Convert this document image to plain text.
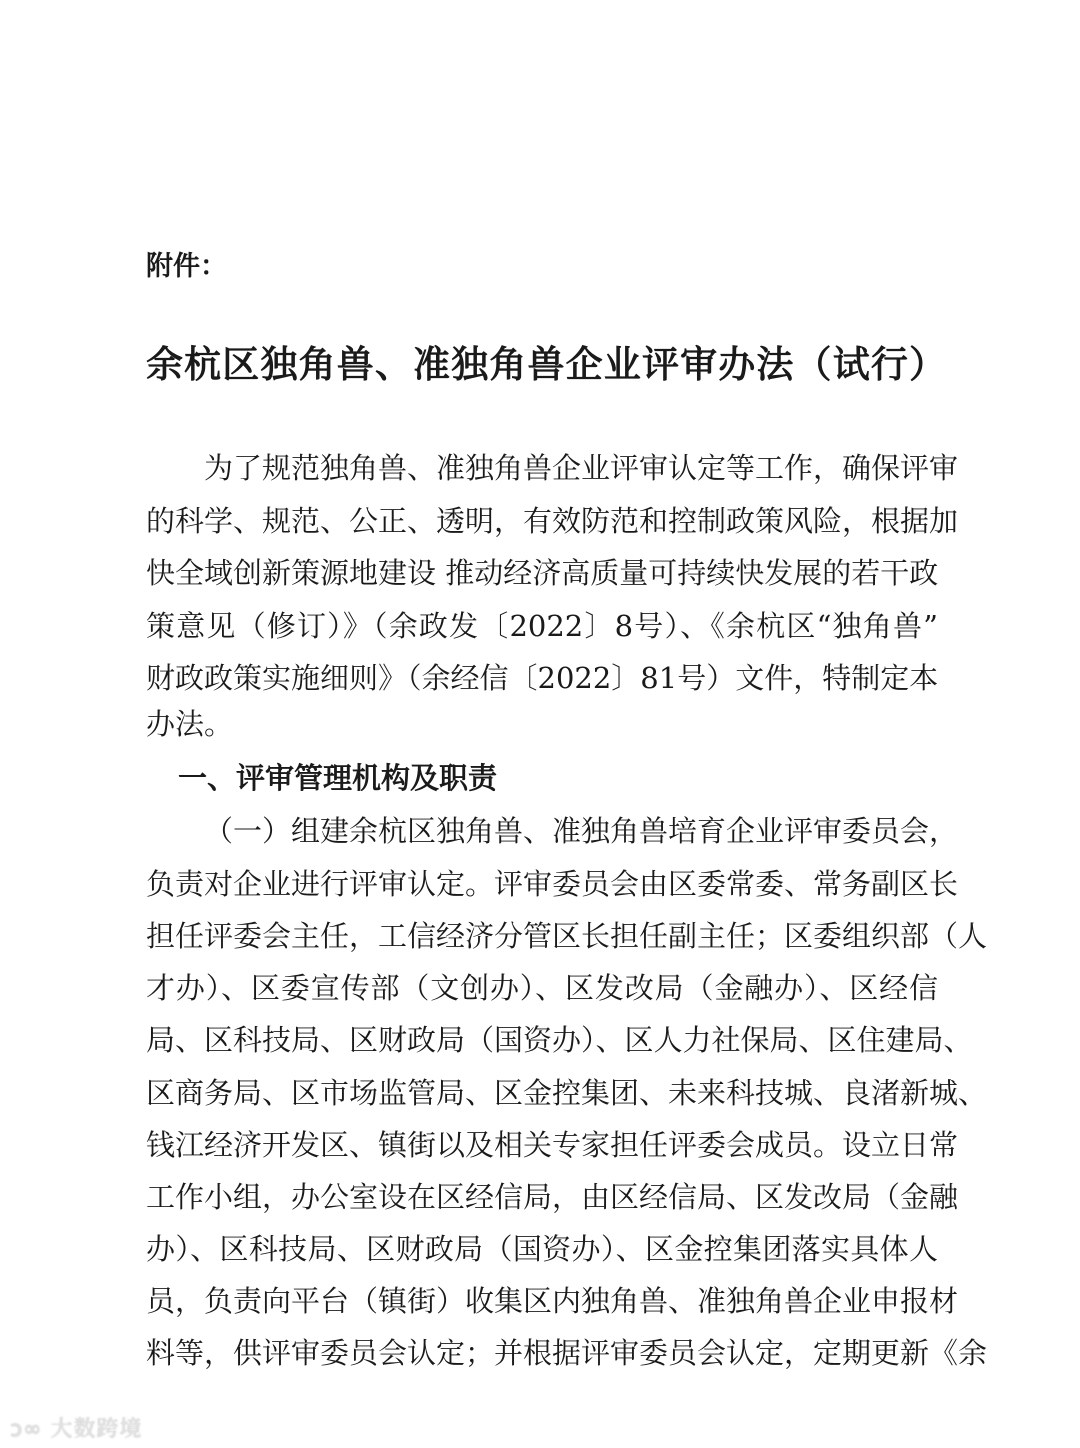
附件：
余杭区独角兽、准独角兽企业评审办法（试行）
为了规范独角兽、准独角兽企业评审认定等工作，确保评审
的科学、规范、公正、透明，有效防范和控制政策风险，根据加
快全域创新策源地建设 推动经济高质量可持续快发展的若干政
策意见（修订）》（余政发〔2022〕8号）、《余杭区“独角兽”
财政政策实施细则》（余经信〔2022〕81号）文件，特制定本
办法。
一、评审管理机构及职责
（一）组建余杭区独角兽、准独角兽培育企业评审委员会，
负责对企业进行评审认定。评审委员会由区委常委、常务副区长
担任评委会主任，工信经济分管区长担任副主任；区委组织部（人
才办）、区委宣传部（文创办）、区发改局（金融办）、区经信
局、区科技局、区财政局（国资办）、区人力社保局、区住建局、
区商务局、区市场监管局、区金控集团、未来科技城、良渚新城、
钱江经济开发区、镇街以及相关专家担任评委会成员。设立日常
工作小组，办公室设在区经信局，由区经信局、区发改局（金融
办）、区科技局、区财政局（国资办）、区金控集团落实具体人
员，负责向平台（镇街）收集区内独角兽、准独角兽企业申报材
料等，供评审委员会认定；并根据评审委员会认定，定期更新《余
ↄ∞ 大数跨境
